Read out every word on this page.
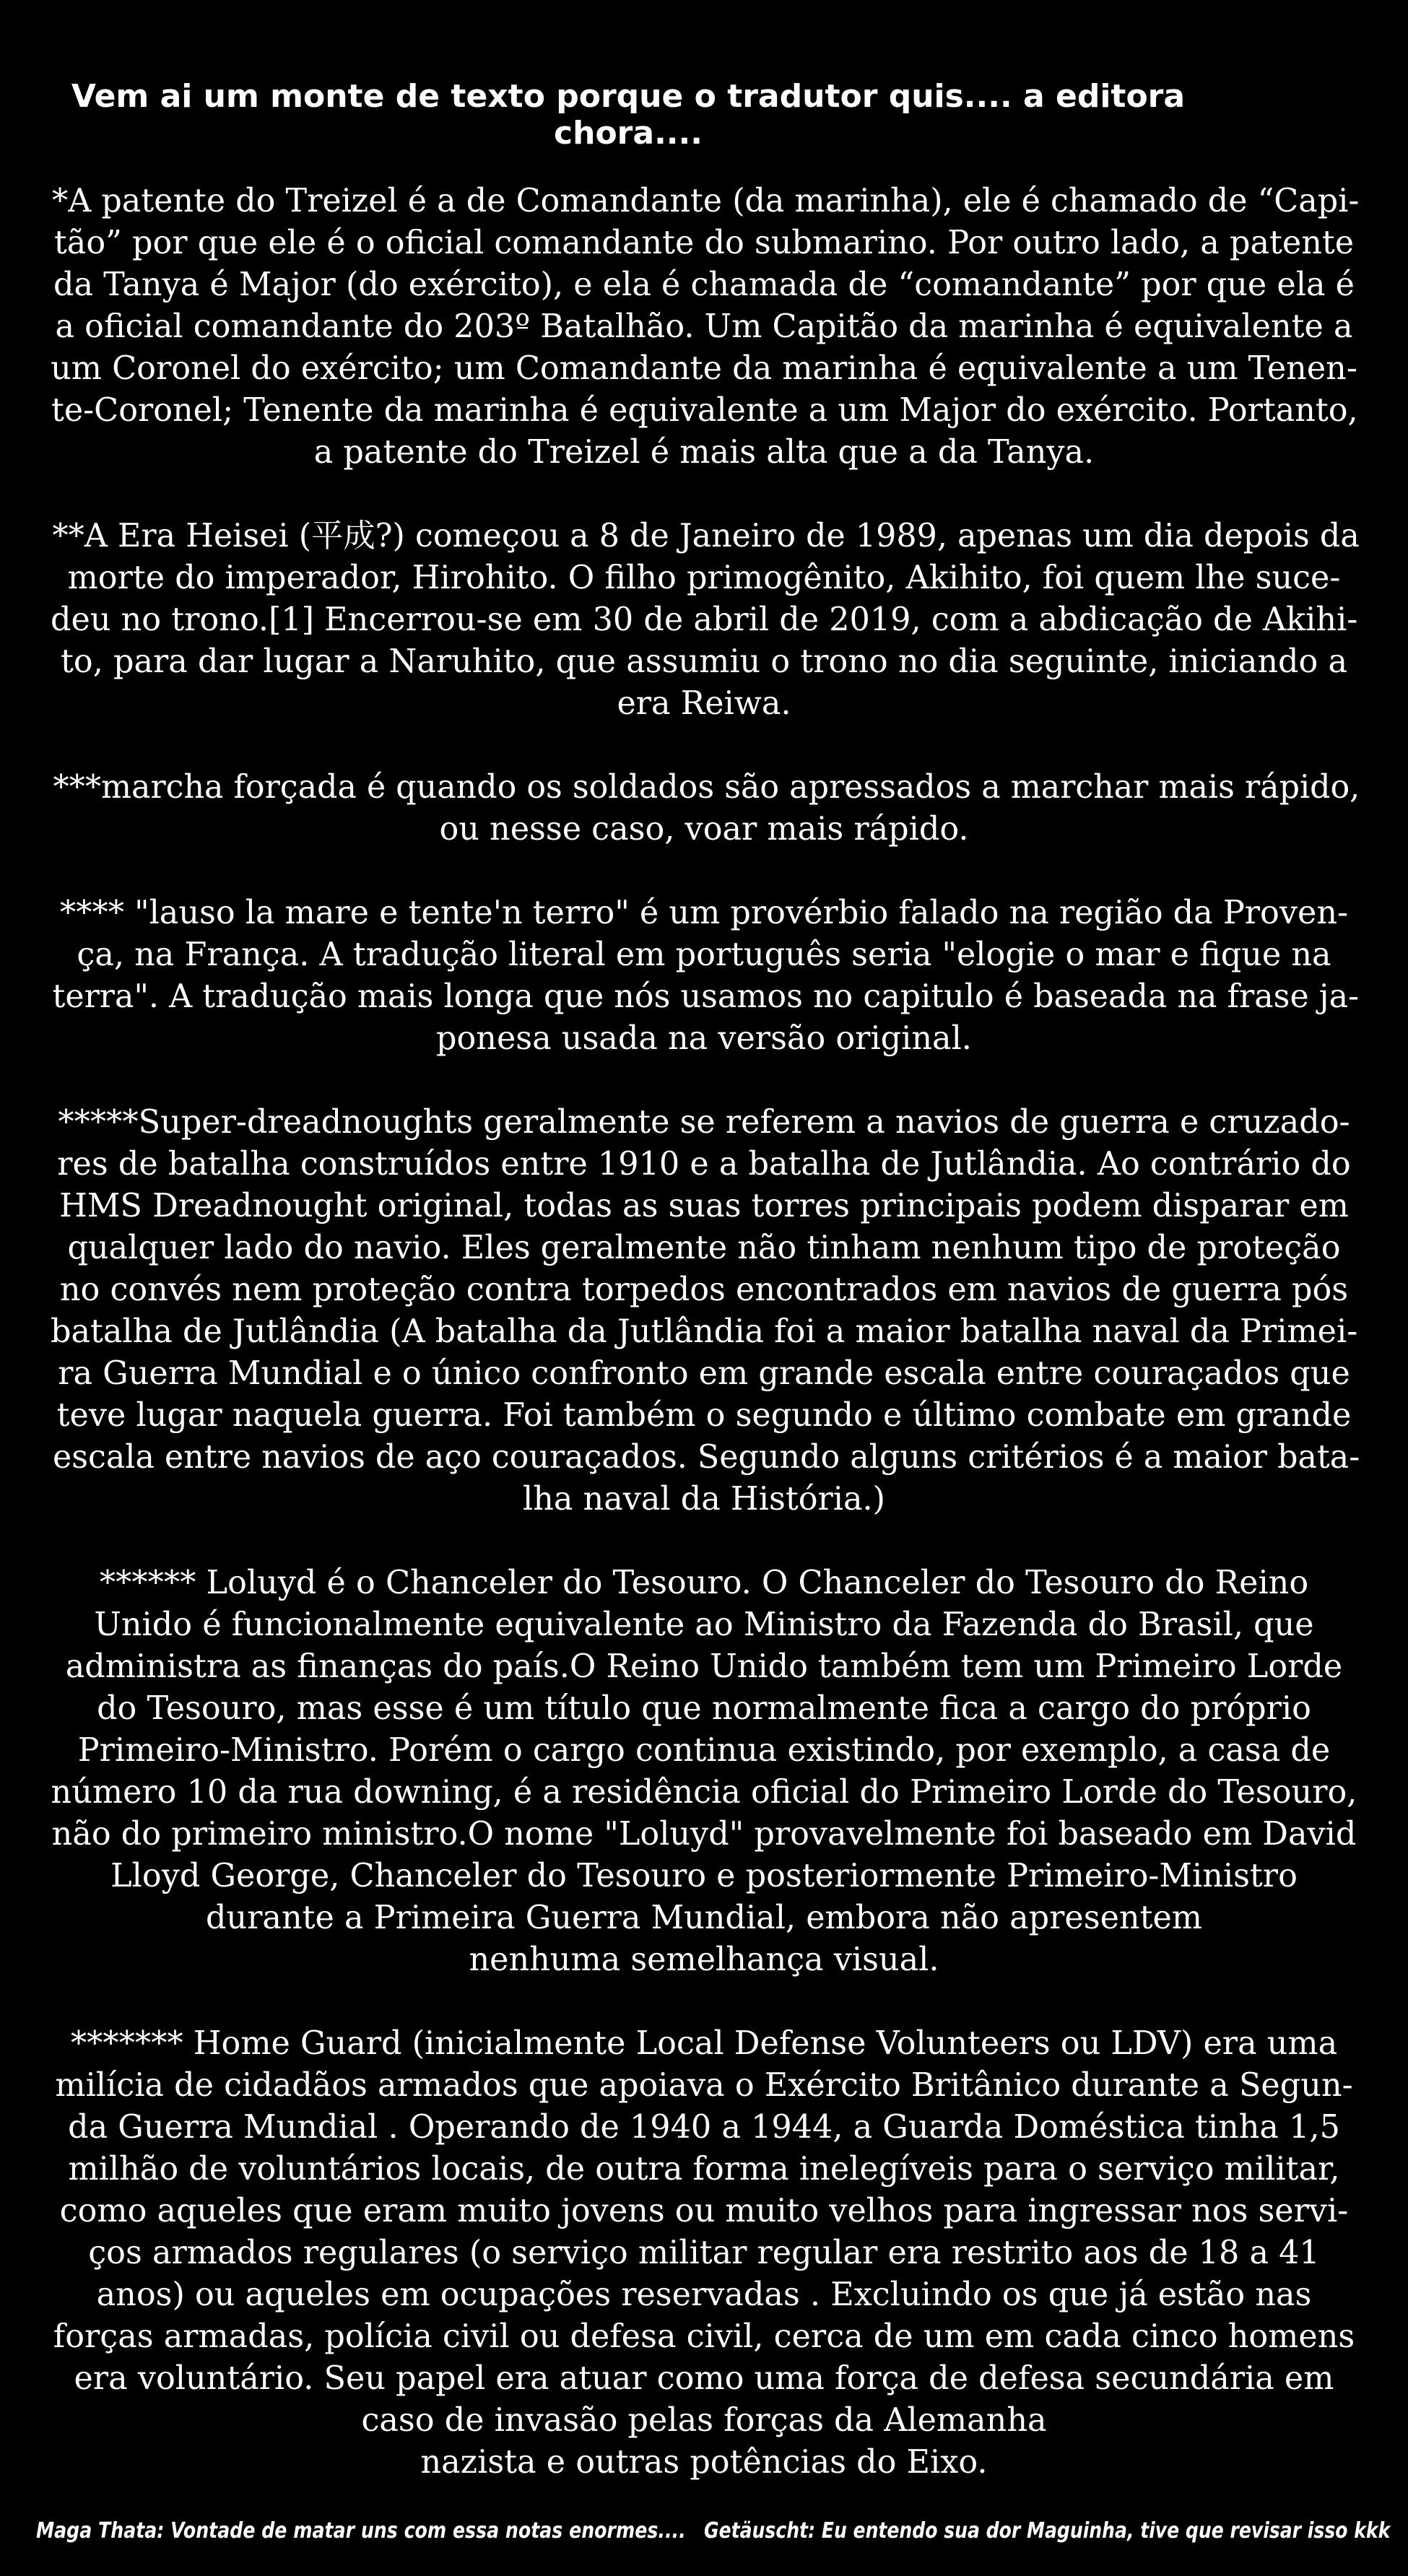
Vem ai um monte de texto porque o tradutor quis.... a editora chora....
*A patente do Treizel é a de Comandante (da marinha), ele é chamado de “Capi-
tão” por que ele é o oficial comandante do submarino. Por outro lado, a patente
da Tanya é Major (do exército), e ela é chamada de “comandante” por que ela é
a oficial comandante do 203º Batalhão. Um Capitão da marinha é equivalente a
um Coronel do exército; um Comandante da marinha é equivalente a um Tenen-
te-Coronel; Tenente da marinha é equivalente a um Major do exército. Portanto,
a patente do Treizel é mais alta que a da Tanya.
**A Era Heisei (平成?) começou a 8 de Janeiro de 1989, apenas um dia depois da
morte do imperador, Hirohito. O filho primogênito, Akihito, foi quem lhe suce-
deu no trono.[1] Encerrou-se em 30 de abril de 2019, com a abdicação de Akihi-
to, para dar lugar a Naruhito, que assumiu o trono no dia seguinte, iniciando a
era Reiwa.
***marcha forçada é quando os soldados são apressados a marchar mais rápido,
ou nesse caso, voar mais rápido.
**** "lauso la mare e tente'n terro" é um provérbio falado na região da Proven-
ça, na França. A tradução literal em português seria "elogie o mar e fique na
terra". A tradução mais longa que nós usamos no capitulo é baseada na frase ja-
ponesa usada na versão original.
*****Super-dreadnoughts geralmente se referem a navios de guerra e cruzado-
res de batalha construídos entre 1910 e a batalha de Jutlândia. Ao contrário do
HMS Dreadnought original, todas as suas torres principais podem disparar em
qualquer lado do navio. Eles geralmente não tinham nenhum tipo de proteção
no convés nem proteção contra torpedos encontrados em navios de guerra pós
batalha de Jutlândia (A batalha da Jutlândia foi a maior batalha naval da Primei-
ra Guerra Mundial e o único confronto em grande escala entre couraçados que
teve lugar naquela guerra. Foi também o segundo e último combate em grande
escala entre navios de aço couraçados. Segundo alguns critérios é a maior bata-
lha naval da História.)
****** Loluyd é o Chanceler do Tesouro. O Chanceler do Tesouro do Reino
Unido é funcionalmente equivalente ao Ministro da Fazenda do Brasil, que
administra as finanças do país.O Reino Unido também tem um Primeiro Lorde
do Tesouro, mas esse é um título que normalmente fica a cargo do próprio
Primeiro-Ministro. Porém o cargo continua existindo, por exemplo, a casa de
número 10 da rua downing, é a residência oficial do Primeiro Lorde do Tesouro,
não do primeiro ministro.O nome "Loluyd" provavelmente foi baseado em David
Lloyd George, Chanceler do Tesouro e posteriormente Primeiro-Ministro
durante a Primeira Guerra Mundial, embora não apresentem
nenhuma semelhança visual.
******* Home Guard (inicialmente Local Defense Volunteers ou LDV) era uma
milícia de cidadãos armados que apoiava o Exército Britânico durante a Segun-
da Guerra Mundial . Operando de 1940 a 1944, a Guarda Doméstica tinha 1,5
milhão de voluntários locais, de outra forma inelegíveis para o serviço militar,
como aqueles que eram muito jovens ou muito velhos para ingressar nos servi-
ços armados regulares (o serviço militar regular era restrito aos de 18 a 41
anos) ou aqueles em ocupações reservadas . Excluindo os que já estão nas
forças armadas, polícia civil ou defesa civil, cerca de um em cada cinco homens
era voluntário. Seu papel era atuar como uma força de defesa secundária em
caso de invasão pelas forças da Alemanha
nazista e outras potências do Eixo.
Maga Thata: Vontade de matar uns com essa notas enormes.... Getäuscht: Eu entendo sua dor Maguinha, tive que revisar isso kkk
